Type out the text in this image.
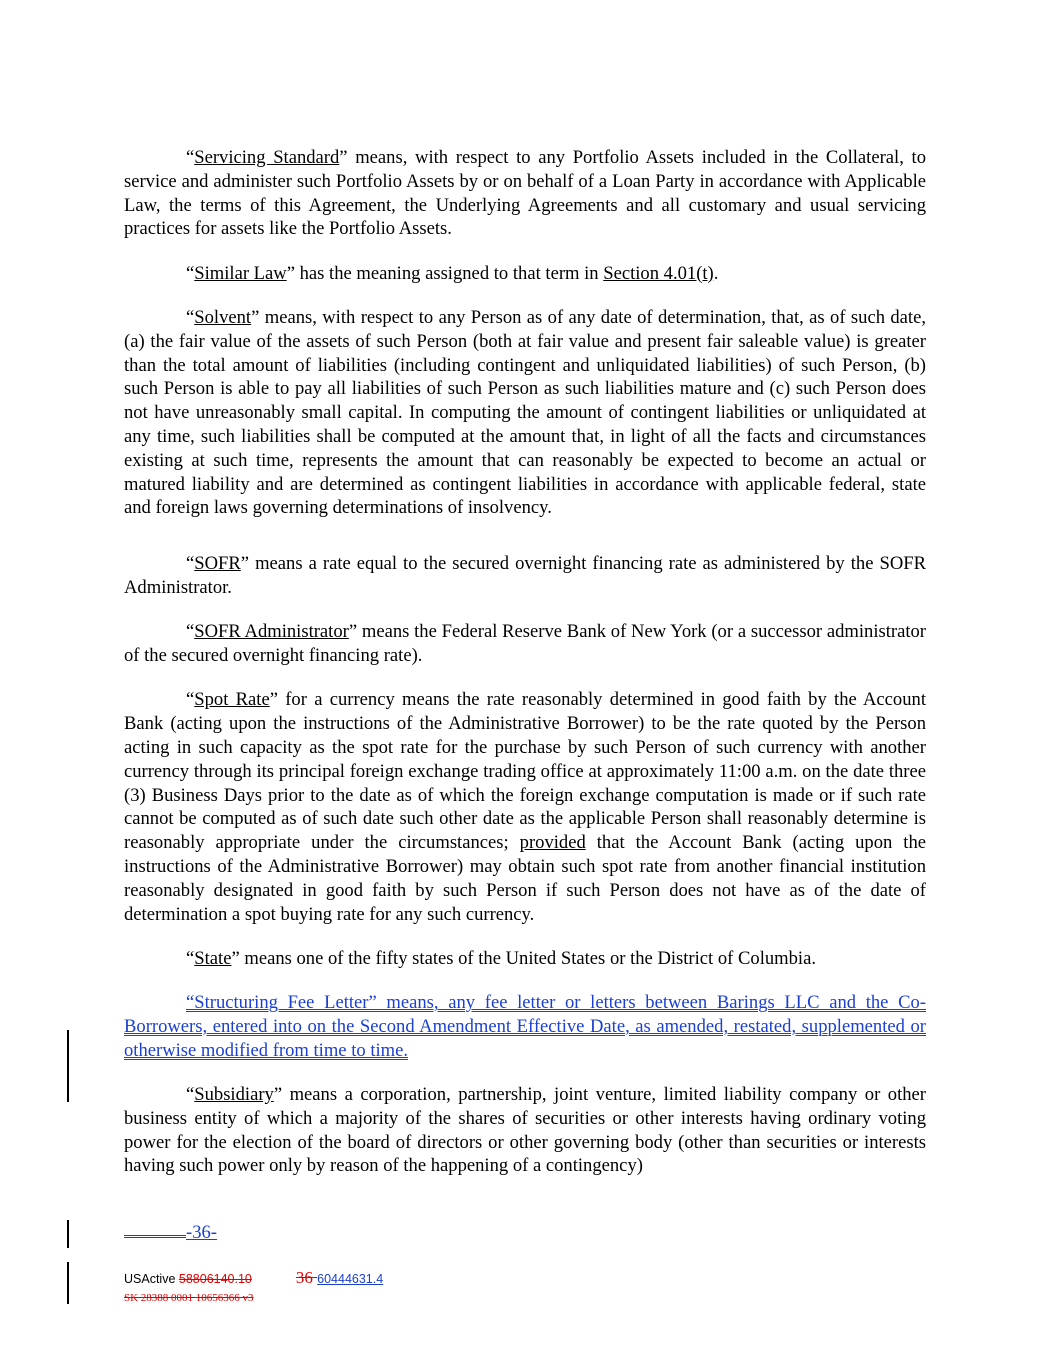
“Servicing Standard” means, with respect to any Portfolio Assets included in the Collateral, to service and administer such Portfolio Assets by or on behalf of a Loan Party in accordance with Applicable Law, the terms of this Agreement, the Underlying Agreements and all customary and usual servicing practices for assets like the Portfolio Assets.

“Similar Law” has the meaning assigned to that term in Section 4.01(t).

“Solvent” means, with respect to any Person as of any date of determination, that, as of such date, (a) the fair value of the assets of such Person (both at fair value and present fair saleable value) is greater than the total amount of liabilities (including contingent and unliquidated liabilities) of such Person, (b) such Person is able to pay all liabilities of such Person as such liabilities mature and (c) such Person does not have unreasonably small capital. In computing the amount of contingent liabilities or unliquidated at any time, such liabilities shall be computed at the amount that, in light of all the facts and circumstances existing at such time, represents the amount that can reasonably be expected to become an actual or matured liability and are determined as contingent liabilities in accordance with applicable federal, state and foreign laws governing determinations of insolvency.

“SOFR” means a rate equal to the secured overnight financing rate as administered by the SOFR Administrator.

“SOFR Administrator” means the Federal Reserve Bank of New York (or a successor administrator of the secured overnight financing rate).

“Spot Rate” for a currency means the rate reasonably determined in good faith by the Account Bank (acting upon the instructions of the Administrative Borrower) to be the rate quoted by the Person acting in such capacity as the spot rate for the purchase by such Person of such currency with another currency through its principal foreign exchange trading office at approximately 11:00 a.m. on the date three (3) Business Days prior to the date as of which the foreign exchange computation is made or if such rate cannot be computed as of such date such other date as the applicable Person shall reasonably determine is reasonably appropriate under the circumstances; provided that the Account Bank (acting upon the instructions of the Administrative Borrower) may obtain such spot rate from another financial institution reasonably designated in good faith by such Person if such Person does not have as of the date of determination a spot buying rate for any such currency.

“State” means one of the fifty states of the United States or the District of Columbia.

“Structuring Fee Letter” means, any fee letter or letters between Barings LLC and the Co-Borrowers, entered into on the Second Amendment Effective Date, as amended, restated, supplemented or otherwise modified from time to time.

“Subsidiary” means a corporation, partnership, joint venture, limited liability company or other business entity of which a majority of the shares of securities or other interests having ordinary voting power for the election of the board of directors or other governing body (other than securities or interests having such power only by reason of the happening of a contingency)

-36-
USActive 58806140.10	36 60444631.4
SK 28388 0001 10656366 v3
